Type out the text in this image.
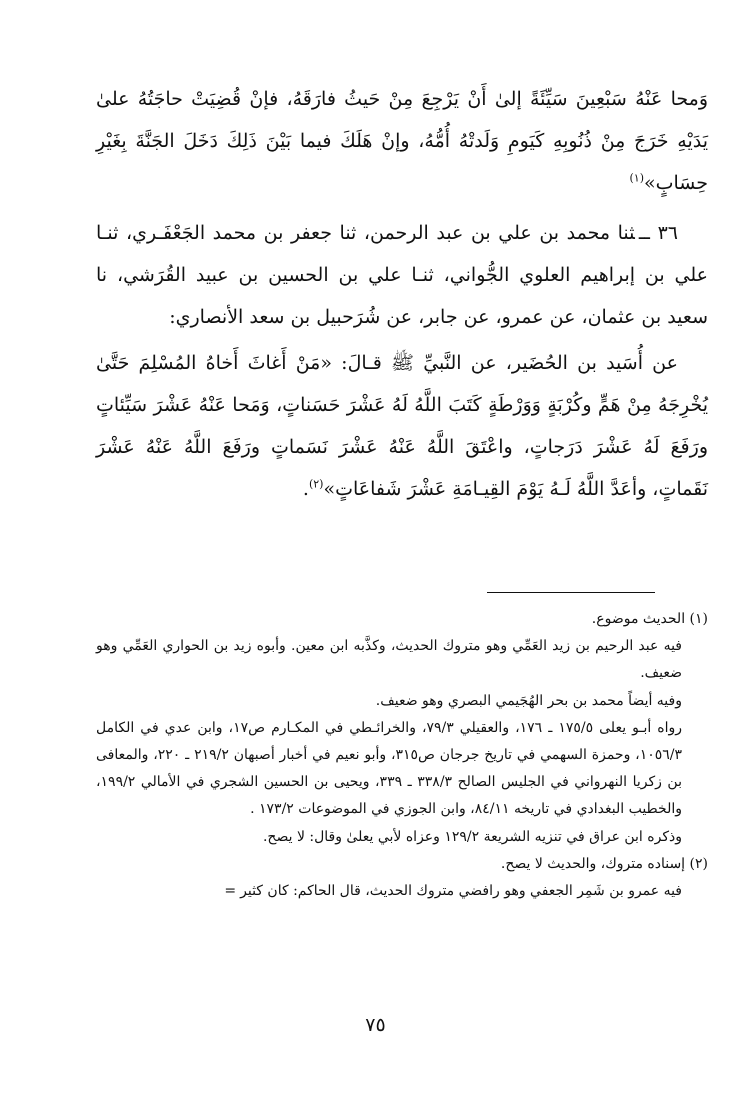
وَمحا عَنْهُ سَبْعِينَ سَيِّئَةً إلىٰ أَنْ يَرْجِعَ مِنْ حَيثُ فارَقَهُ، فإنْ قُضِيَتْ حاجَتُهُ علىٰ يَدَيْهِ خَرَجَ مِنْ ذُنُوبِهِ كَيَومِ وَلَدتْهُ أُمُّهُ، وإنْ هَلَكَ فيما بَيْنَ ذَلِكَ دَخَلَ الجَنَّةَ بِغَيْرِ حِسَابٍ»$^{(١)}$

٣٦ ــثنا محمد بن علي بن عبد الرحمن، ثنا جعفر بن محمد الجَعْفَـري، ثنـا علي بن إبراهيم العلوي الجُّواني، ثنـا علي بن الحسين بن عبيد القُرَشي، نا سعيد بن عثمان، عن عمرو، عن جابر، عن شُرَحبيل بن سعد الأنصاري:

عن أُسَيد بن الحُضَير، عن النَّبيِّ ﷺ قـالَ: «مَنْ أَغاثَ أَخاهُ المُسْلِمَ حَتَّىٰ يُخْرِجَهُ مِنْ هَمٍّ وكُرْبَةٍ وَوَرْطَةٍ كَتَبَ اللَّهُ لَهُ عَشْرَ حَسَناتٍ، وَمَحا عَنْهُ عَشْرَ سَيِّئاتٍ ورَفَعَ لَهُ عَشْرَ دَرَجاتٍ، واعْتَقَ اللَّهُ عَنْهُ عَشْرَ نَسَماتٍ ورَفَعَ اللَّهُ عَنْهُ عَشْرَ نَقَماتٍ، وأعَدَّ اللَّهُ لَـهُ يَوْمَ القِيـامَةِ عَشْرَ شَفاعَاتٍ»$^{(٢)}$.

(١) الحديث موضوع.

فيه عبد الرحيم بن زيد العَمِّي وهو متروك الحديث، وكذَّبه ابن معين. وأبوه زيد بن الحواري العَمِّي وهو ضعيف.

وفيه أيضاً محمد بن بحر الهُجَيمي البصري وهو ضعيف.

رواه أبـو يعلى ١٧٥/٥ ـ ١٧٦، والعقيلي ٧٩/٣، والخرائـطي في المكـارم ص١٧، وابن عدي في الكامل ١٠٥٦/٣، وحمزة السهمي في تاريخ جرجان ص٣١٥، وأبو نعيم في أخبار أصبهان ٢١٩/٢ ـ ٢٢٠، والمعافى بن زكريا النهرواني في الجليس الصالح ٣٣٨/٣ ـ ٣٣٩، ويحيى بن الحسين الشجري في الأمالي ١٩٩/٢، والخطيب البغدادي في تاريخه ٨٤/١١، وابن الجوزي في الموضوعات ١٧٣/٢ .

وذكره ابن عراق في تنزيه الشريعة ١٢٩/٢ وعزاه لأبي يعلىٰ وقال: لا يصح.

(٢) إسناده متروك، والحديث لا يصح.

فيه عمرو بن شَمِر الجعفي وهو رافضي متروك الحديث، قال الحاكم: كان كثير=

٧٥
